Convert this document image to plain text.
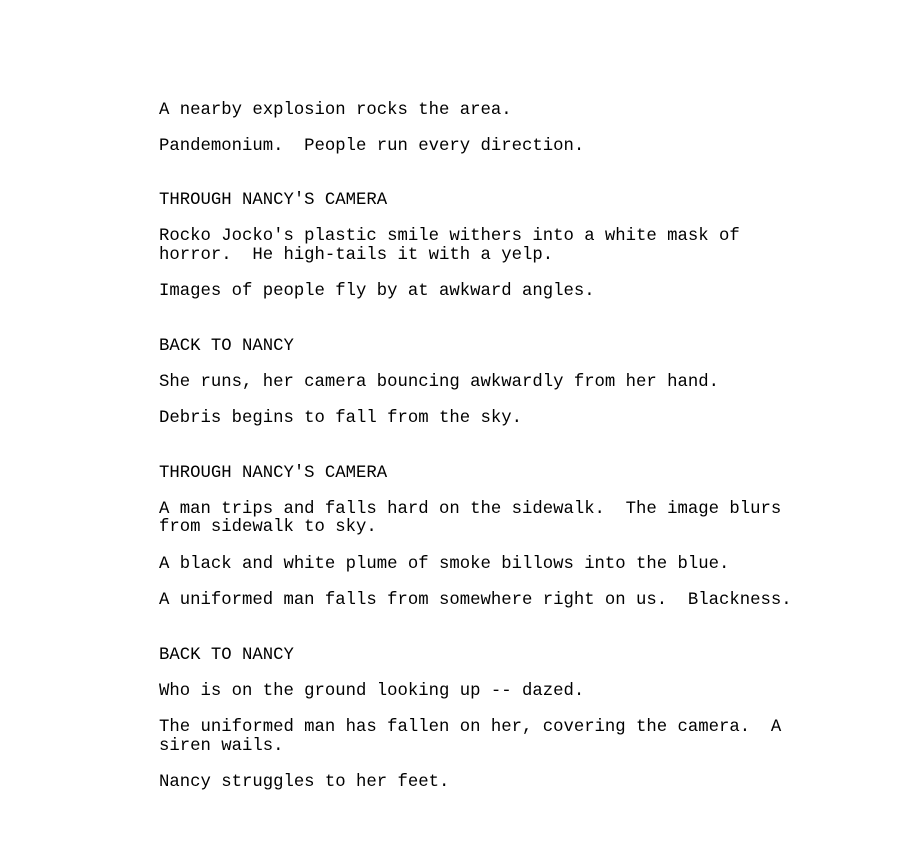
A nearby explosion rocks the area.

Pandemonium.  People run every direction.

THROUGH NANCY'S CAMERA

Rocko Jocko's plastic smile withers into a white mask of

horror.  He high-tails it with a yelp.

Images of people fly by at awkward angles.

BACK TO NANCY

She runs, her camera bouncing awkwardly from her hand.

Debris begins to fall from the sky.

THROUGH NANCY'S CAMERA

A man trips and falls hard on the sidewalk.  The image blurs

from sidewalk to sky.

A black and white plume of smoke billows into the blue.

A uniformed man falls from somewhere right on us.  Blackness.

BACK TO NANCY

Who is on the ground looking up -- dazed.

The uniformed man has fallen on her, covering the camera.  A

siren wails.

Nancy struggles to her feet.
